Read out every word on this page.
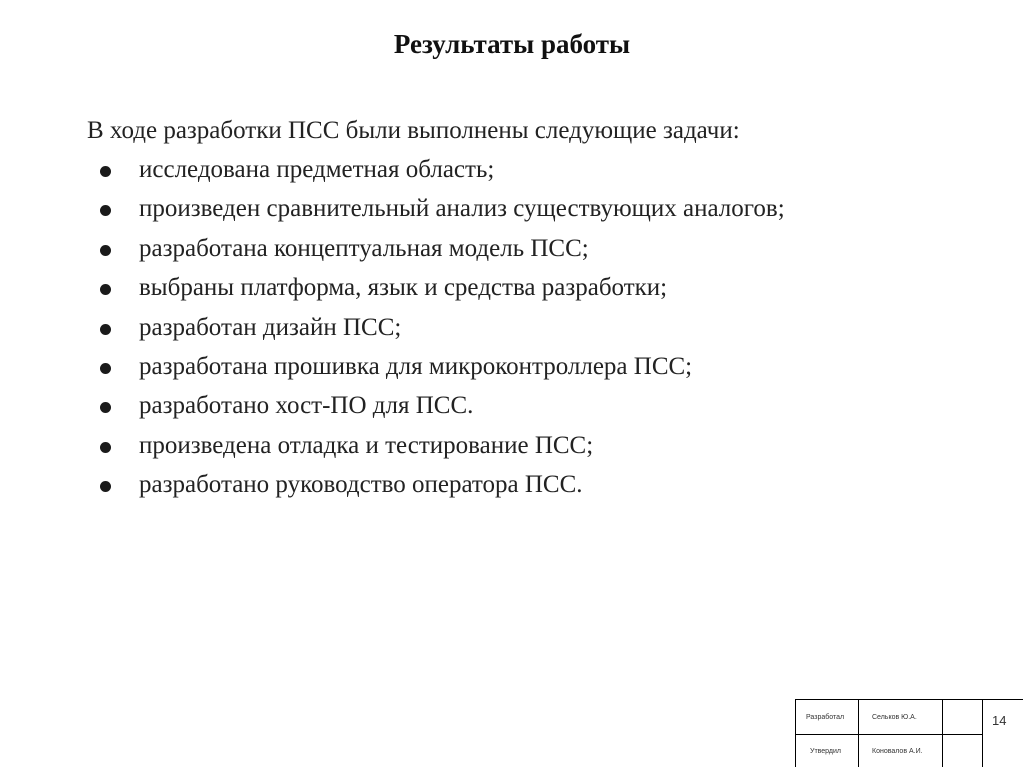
Результаты работы
В ходе разработки ПСС были выполнены следующие задачи:
исследована предметная область;
произведен сравнительный анализ существующих аналогов;
разработана концептуальная модель ПСС;
выбраны платформа, язык и средства разработки;
разработан дизайн ПСС;
разработана прошивка для микроконтроллера ПСС;
разработано хост-ПО для ПСС.
произведена отладка и тестирование ПСС;
разработано руководство оператора ПСС.
Разработал	Сельков Ю.А.
Утвердил	Коновалов А.И.
14
